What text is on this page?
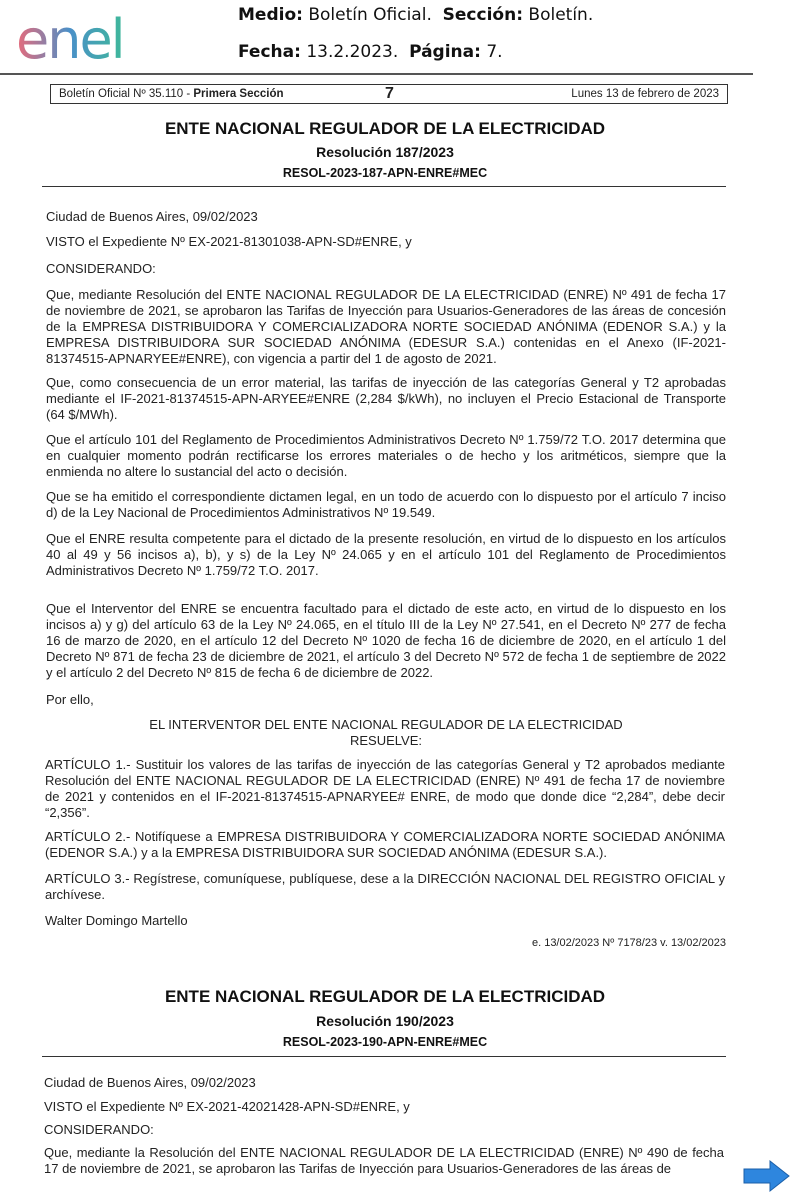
enel	Medio: Boletín Oficial. Sección: Boletín.
Fecha: 13.2.2023. Página: 7.
Boletín Oficial Nº 35.110 - Primera Sección	7	Lunes 13 de febrero de 2023
ENTE NACIONAL REGULADOR DE LA ELECTRICIDAD
Resolución 187/2023
RESOL-2023-187-APN-ENRE#MEC
Ciudad de Buenos Aires, 09/02/2023
VISTO el Expediente Nº EX-2021-81301038-APN-SD#ENRE, y
CONSIDERANDO:
Que, mediante Resolución del ENTE NACIONAL REGULADOR DE LA ELECTRICIDAD (ENRE) Nº 491 de fecha 17 de noviembre de 2021, se aprobaron las Tarifas de Inyección para Usuarios-Generadores de las áreas de concesión de la EMPRESA DISTRIBUIDORA Y COMERCIALIZADORA NORTE SOCIEDAD ANÓNIMA (EDENOR S.A.) y la EMPRESA DISTRIBUIDORA SUR SOCIEDAD ANÓNIMA (EDESUR S.A.) contenidas en el Anexo (IF-2021-81374515-APNARYEE#ENRE), con vigencia a partir del 1 de agosto de 2021.
Que, como consecuencia de un error material, las tarifas de inyección de las categorías General y T2 aprobadas mediante el IF-2021-81374515-APN-ARYEE#ENRE (2,284 $/kWh), no incluyen el Precio Estacional de Transporte (64 $/MWh).
Que el artículo 101 del Reglamento de Procedimientos Administrativos Decreto Nº 1.759/72 T.O. 2017 determina que en cualquier momento podrán rectificarse los errores materiales o de hecho y los aritméticos, siempre que la enmienda no altere lo sustancial del acto o decisión.
Que se ha emitido el correspondiente dictamen legal, en un todo de acuerdo con lo dispuesto por el artículo 7 inciso d) de la Ley Nacional de Procedimientos Administrativos Nº 19.549.
Que el ENRE resulta competente para el dictado de la presente resolución, en virtud de lo dispuesto en los artículos 40 al 49 y 56 incisos a), b), y s) de la Ley Nº 24.065 y en el artículo 101 del Reglamento de Procedimientos Administrativos Decreto Nº 1.759/72 T.O. 2017.
Que el Interventor del ENRE se encuentra facultado para el dictado de este acto, en virtud de lo dispuesto en los incisos a) y g) del artículo 63 de la Ley Nº 24.065, en el título III de la Ley Nº 27.541, en el Decreto Nº 277 de fecha 16 de marzo de 2020, en el artículo 12 del Decreto Nº 1020 de fecha 16 de diciembre de 2020, en el artículo 1 del Decreto Nº 871 de fecha 23 de diciembre de 2021, el artículo 3 del Decreto Nº 572 de fecha 1 de septiembre de 2022 y el artículo 2 del Decreto Nº 815 de fecha 6 de diciembre de 2022.
Por ello,
EL INTERVENTOR DEL ENTE NACIONAL REGULADOR DE LA ELECTRICIDAD
RESUELVE:
ARTÍCULO 1.- Sustituir los valores de las tarifas de inyección de las categorías General y T2 aprobados mediante Resolución del ENTE NACIONAL REGULADOR DE LA ELECTRICIDAD (ENRE) Nº 491 de fecha 17 de noviembre de 2021 y contenidos en el IF-2021-81374515-APNARYEE# ENRE, de modo que donde dice “2,284”, debe decir “2,356”.
ARTÍCULO 2.- Notifíquese a EMPRESA DISTRIBUIDORA Y COMERCIALIZADORA NORTE SOCIEDAD ANÓNIMA (EDENOR S.A.) y a la EMPRESA DISTRIBUIDORA SUR SOCIEDAD ANÓNIMA (EDESUR S.A.).
ARTÍCULO 3.- Regístrese, comuníquese, publíquese, dese a la DIRECCIÓN NACIONAL DEL REGISTRO OFICIAL y archívese.
Walter Domingo Martello
e. 13/02/2023 Nº 7178/23 v. 13/02/2023
ENTE NACIONAL REGULADOR DE LA ELECTRICIDAD
Resolución 190/2023
RESOL-2023-190-APN-ENRE#MEC
Ciudad de Buenos Aires, 09/02/2023
VISTO el Expediente Nº EX-2021-42021428-APN-SD#ENRE, y
CONSIDERANDO:
Que, mediante la Resolución del ENTE NACIONAL REGULADOR DE LA ELECTRICIDAD (ENRE) Nº 490 de fecha 17 de noviembre de 2021, se aprobaron las Tarifas de Inyección para Usuarios-Generadores de las áreas de
